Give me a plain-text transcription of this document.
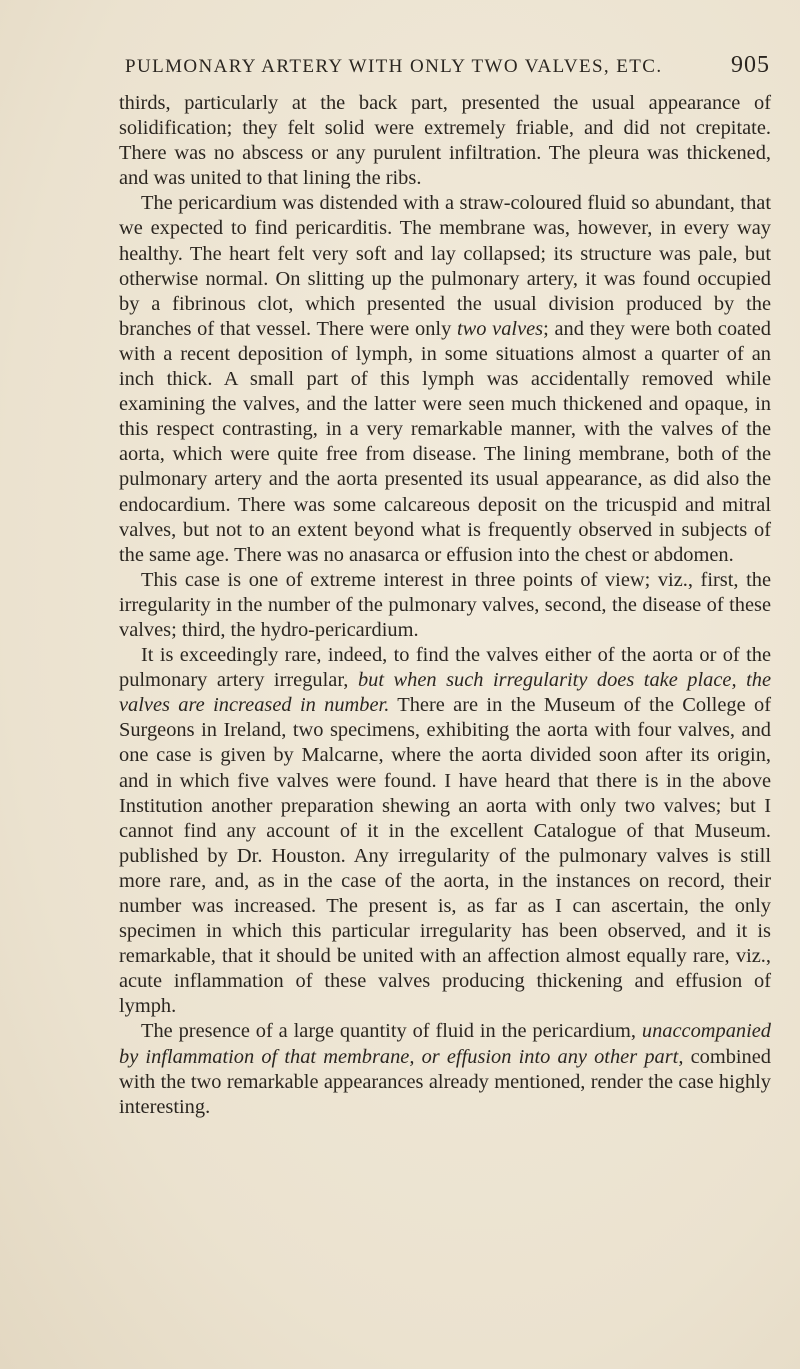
PULMONARY ARTERY WITH ONLY TWO VALVES, ETC.	905

thirds, particularly at the back part, presented the usual appearance of solidification; they felt solid were extremely friable, and did not crepitate. There was no abscess or any purulent infiltration. The pleura was thickened, and was united to that lining the ribs.

The pericardium was distended with a straw-coloured fluid so abundant, that we expected to find pericarditis. The membrane was, however, in every way healthy. The heart felt very soft and lay collapsed; its structure was pale, but otherwise normal. On slitting up the pulmonary artery, it was found occupied by a fibrinous clot, which presented the usual division produced by the branches of that vessel. There were only two valves; and they were both coated with a recent deposition of lymph, in some situations almost a quarter of an inch thick. A small part of this lymph was accidentally removed while examining the valves, and the latter were seen much thickened and opaque, in this respect contrasting, in a very remarkable manner, with the valves of the aorta, which were quite free from disease. The lining membrane, both of the pulmonary artery and the aorta presented its usual appearance, as did also the endocardium. There was some calcareous deposit on the tricuspid and mitral valves, but not to an extent beyond what is frequently observed in subjects of the same age. There was no anasarca or effusion into the chest or abdomen.

This case is one of extreme interest in three points of view; viz., first, the irregularity in the number of the pulmonary valves, second, the disease of these valves; third, the hydro-pericardium.

It is exceedingly rare, indeed, to find the valves either of the aorta or of the pulmonary artery irregular, but when such irregularity does take place, the valves are increased in number. There are in the Museum of the College of Surgeons in Ireland, two specimens, exhibiting the aorta with four valves, and one case is given by Malcarne, where the aorta divided soon after its origin, and in which five valves were found. I have heard that there is in the above Institution another preparation shewing an aorta with only two valves; but I cannot find any account of it in the excellent Catalogue of that Museum. published by Dr. Houston. Any irregularity of the pulmonary valves is still more rare, and, as in the case of the aorta, in the instances on record, their number was increased. The present is, as far as I can ascertain, the only specimen in which this particular irregularity has been observed, and it is remarkable, that it should be united with an affection almost equally rare, viz., acute inflammation of these valves producing thickening and effusion of lymph.

The presence of a large quantity of fluid in the pericardium, unaccompanied by inflammation of that membrane, or effusion into any other part, combined with the two remarkable appearances already mentioned, render the case highly interesting.
